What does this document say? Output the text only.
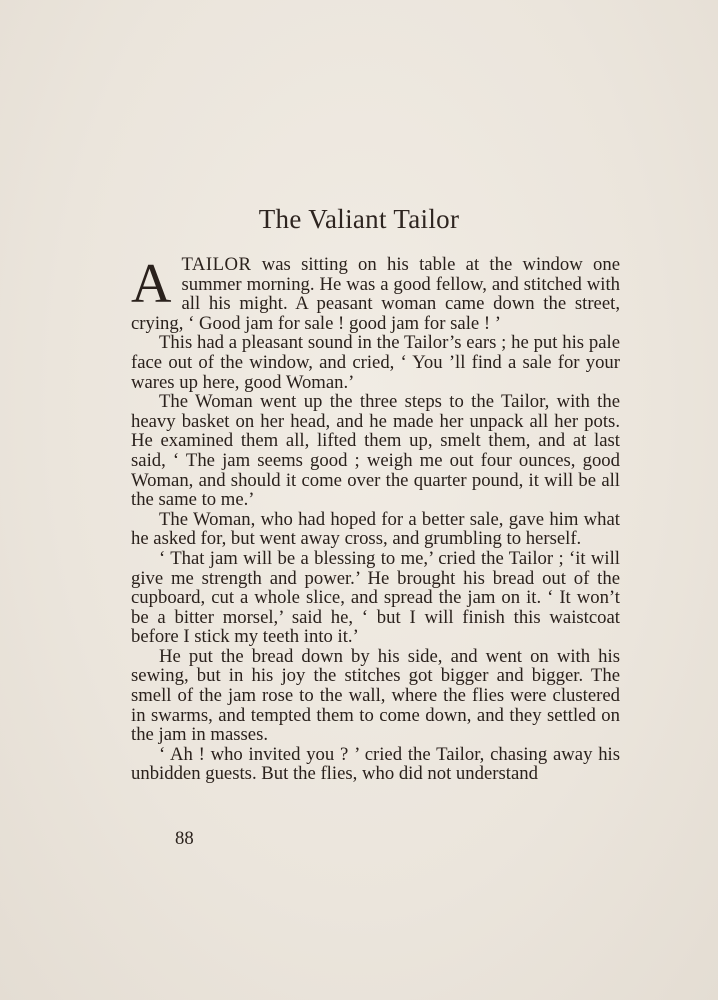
The Valiant Tailor

ATAILOR was sitting on his table at the window one summer morning. He was a good fellow, and stitched with all his might. A peasant woman came down the street, crying, ‘ Good jam for sale ! good jam for sale ! ’

This had a pleasant sound in the Tailor’s ears ; he put his pale face out of the window, and cried, ‘ You ’ll find a sale for your wares up here, good Woman.’

The Woman went up the three steps to the Tailor, with the heavy basket on her head, and he made her unpack all her pots. He examined them all, lifted them up, smelt them, and at last said, ‘ The jam seems good ; weigh me out four ounces, good Woman, and should it come over the quarter pound, it will be all the same to me.’

The Woman, who had hoped for a better sale, gave him what he asked for, but went away cross, and grumbling to herself.

‘ That jam will be a blessing to me,’ cried the Tailor ; ‘it will give me strength and power.’ He brought his bread out of the cupboard, cut a whole slice, and spread the jam on it. ‘ It won’t be a bitter morsel,’ said he, ‘ but I will finish this waistcoat before I stick my teeth into it.’

He put the bread down by his side, and went on with his sewing, but in his joy the stitches got bigger and bigger. The smell of the jam rose to the wall, where the flies were clustered in swarms, and tempted them to come down, and they settled on the jam in masses.

‘ Ah ! who invited you ? ’ cried the Tailor, chasing away his unbidden guests. But the flies, who did not understand

88
